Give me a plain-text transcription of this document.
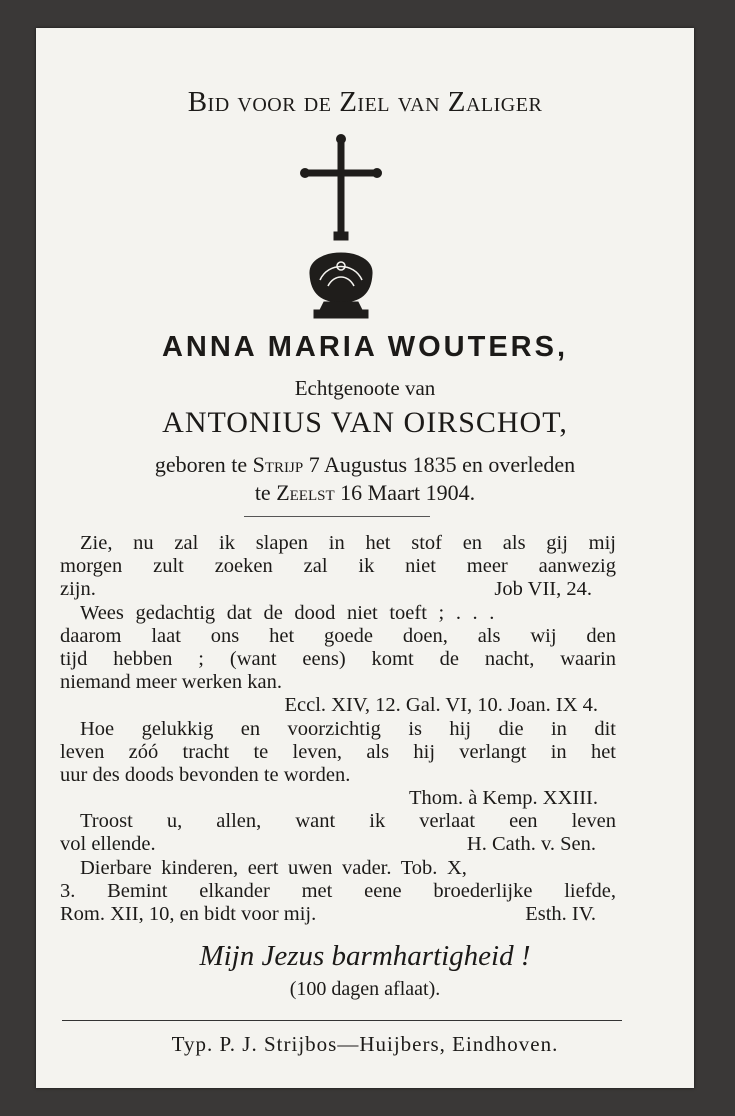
Bid voor de Ziel van Zaliger
ANNA MARIA WOUTERS,
Echtgenoote van
ANTONIUS VAN OIRSCHOT,
geboren te Strijp 7 Augustus 1835 en overleden
te Zeelst 16 Maart 1904.
Zie, nu zal ik slapen in het stof en als gij mij
morgen zult zoeken zal ik niet meer aanwezig
zijn.	Job VII, 24.
Wees gedachtig dat de dood niet toeft ; . . .
daarom laat ons het goede doen, als wij den
tijd hebben ; (want eens) komt de nacht, waarin
niemand meer werken kan.
Eccl. XIV, 12. Gal. VI, 10. Joan. IX 4.
Hoe gelukkig en voorzichtig is hij die in dit
leven zóó tracht te leven, als hij verlangt in het
uur des doods bevonden te worden.
Thom. à Kemp. XXIII.
Troost u, allen, want ik verlaat een leven
vol ellende.	H. Cath. v. Sen.
Dierbare kinderen, eert uwen vader. Tob. X,
3. Bemint elkander met eene broederlijke liefde,
Rom. XII, 10, en bidt voor mij.	Esth. IV.
Mijn Jezus barmhartigheid !
(100 dagen aflaat).
Typ. P. J. Strijbos—Huijbers, Eindhoven.
